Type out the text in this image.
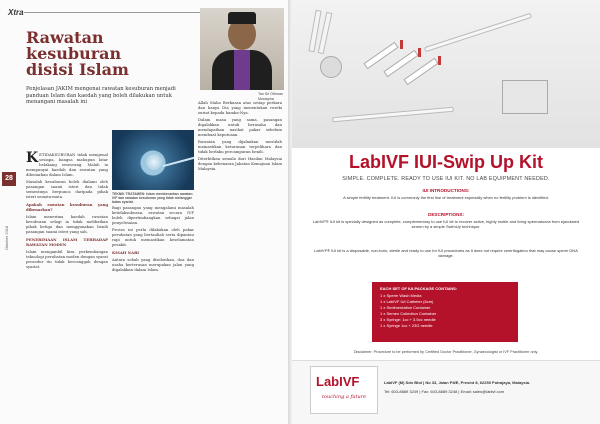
Xtra
Rawatan
kesuburan
disisi Islam
Penjelasan JAKIM mengenai rawatan kesuburan menjadi panduan Islam dan kaedah yang boleh dilakukan untuk menangani masalah ini
Tan Sri Othman Mustapha
28
Oktober 2018

KETIDAKSUBURAN tidak mengenal sesiapa, bangsa mahupun latar belakang seseorang. Malah ia mempunyai kaedah dan rawatan yang dibenarkan dalam Islam.

Masalah kesuburan boleh dialami oleh pasangan suami isteri dan tidak semestinya berpunca daripada pihak isteri semata-mata.

Apakah rawatan kesuburan yang dibenarkan?

Islam menerima kaedah rawatan kesuburan selagi ia tidak melibatkan pihak ketiga dan menggunakan benih pasangan suami isteri yang sah.

PENERIMAAN ISLAM TERHADAP RAWATAN MODEN

Islam mengambil kira perkembangan teknologi perubatan moden dengan syarat prosedur itu tidak bercanggah dengan syariat.

TEKNIK TRATAMEN: Islam membenarkan rawatan IVF dan rawatan kesuburan yang tidak melanggar batas syariat.

Bagi pasangan yang mengalami masalah ketidaksuburan, rawatan secara IVF boleh dipertimbangkan sebagai jalan penyelesaian.

Proses ini perlu dilakukan oleh pakar perubatan yang bertauliah serta dipantau rapi untuk memastikan keselamatan pesakit.

KISAH NABI

Antara sebab yang disebutkan, doa dan usaha berterusan merupakan jalan yang digalakkan dalam Islam.

Allah Maha Berkuasa atas setiap perkara dan hanya Dia yang menentukan rezeki zuriat kepada hamba-Nya.

Dalam masa yang sama, pasangan digalakkan untuk berusaha dan mendapatkan nasihat pakar sebelum membuat keputusan.

Rawatan yang dijalankan mestilah memastikan keturunan terpelihara dan tidak berlaku percampuran benih.

Diterbitkan semula dari Hasilan Malaysia dengan kebenaran Jabatan Kemajuan Islam Malaysia.	LabIVF IUI-Swip Up Kit
SIMPLE. COMPLETE. READY TO USE IUI KIT. NO LAB EQUIPMENT NEEDED.
IUI INTRODUCTIONS:
A simple fertility treatment. IUI is commonly the first line of treatment especially when no fertility problem is identified.
DESCRIPTIONS:
LabIVF® IUI kit is specially designed as complete, complementary to use IUI kit to recover active, highly motile and living spermatozoa from ejaculated semen by a simple SwimUp technique.
LabIVF® IUI kit is a disposable, non-toxic, sterile and ready to use for IUI procedures as it does not require centrifugation that may cause sperm DNA damage.
EACH SET OF IUI-PACKAGE CONTAINS:
1 x Sperm Wash Media
1 x LabIVF IUI Catheter (6cm)
1 x Sedimentation Container
1 x Semen Collection Container
3 x Syringe: 1cc + 3.5cc needle
1 x Syringe 1cc + 23G needle
Disclaimer: Procedure to be performed by Certified Doctor Practitioner, Gynaecologist or IVF Practitioner only.
LabIVF
touching a future
LabIVF (M) Sdn Bhd | No 33, Jalan P8/E, Presint 8, 62250 Putrajaya, Malaysia.
Tel: 603-8889 3249 | Fax: 603-8889 3248 | Email: sales@labivf.com
